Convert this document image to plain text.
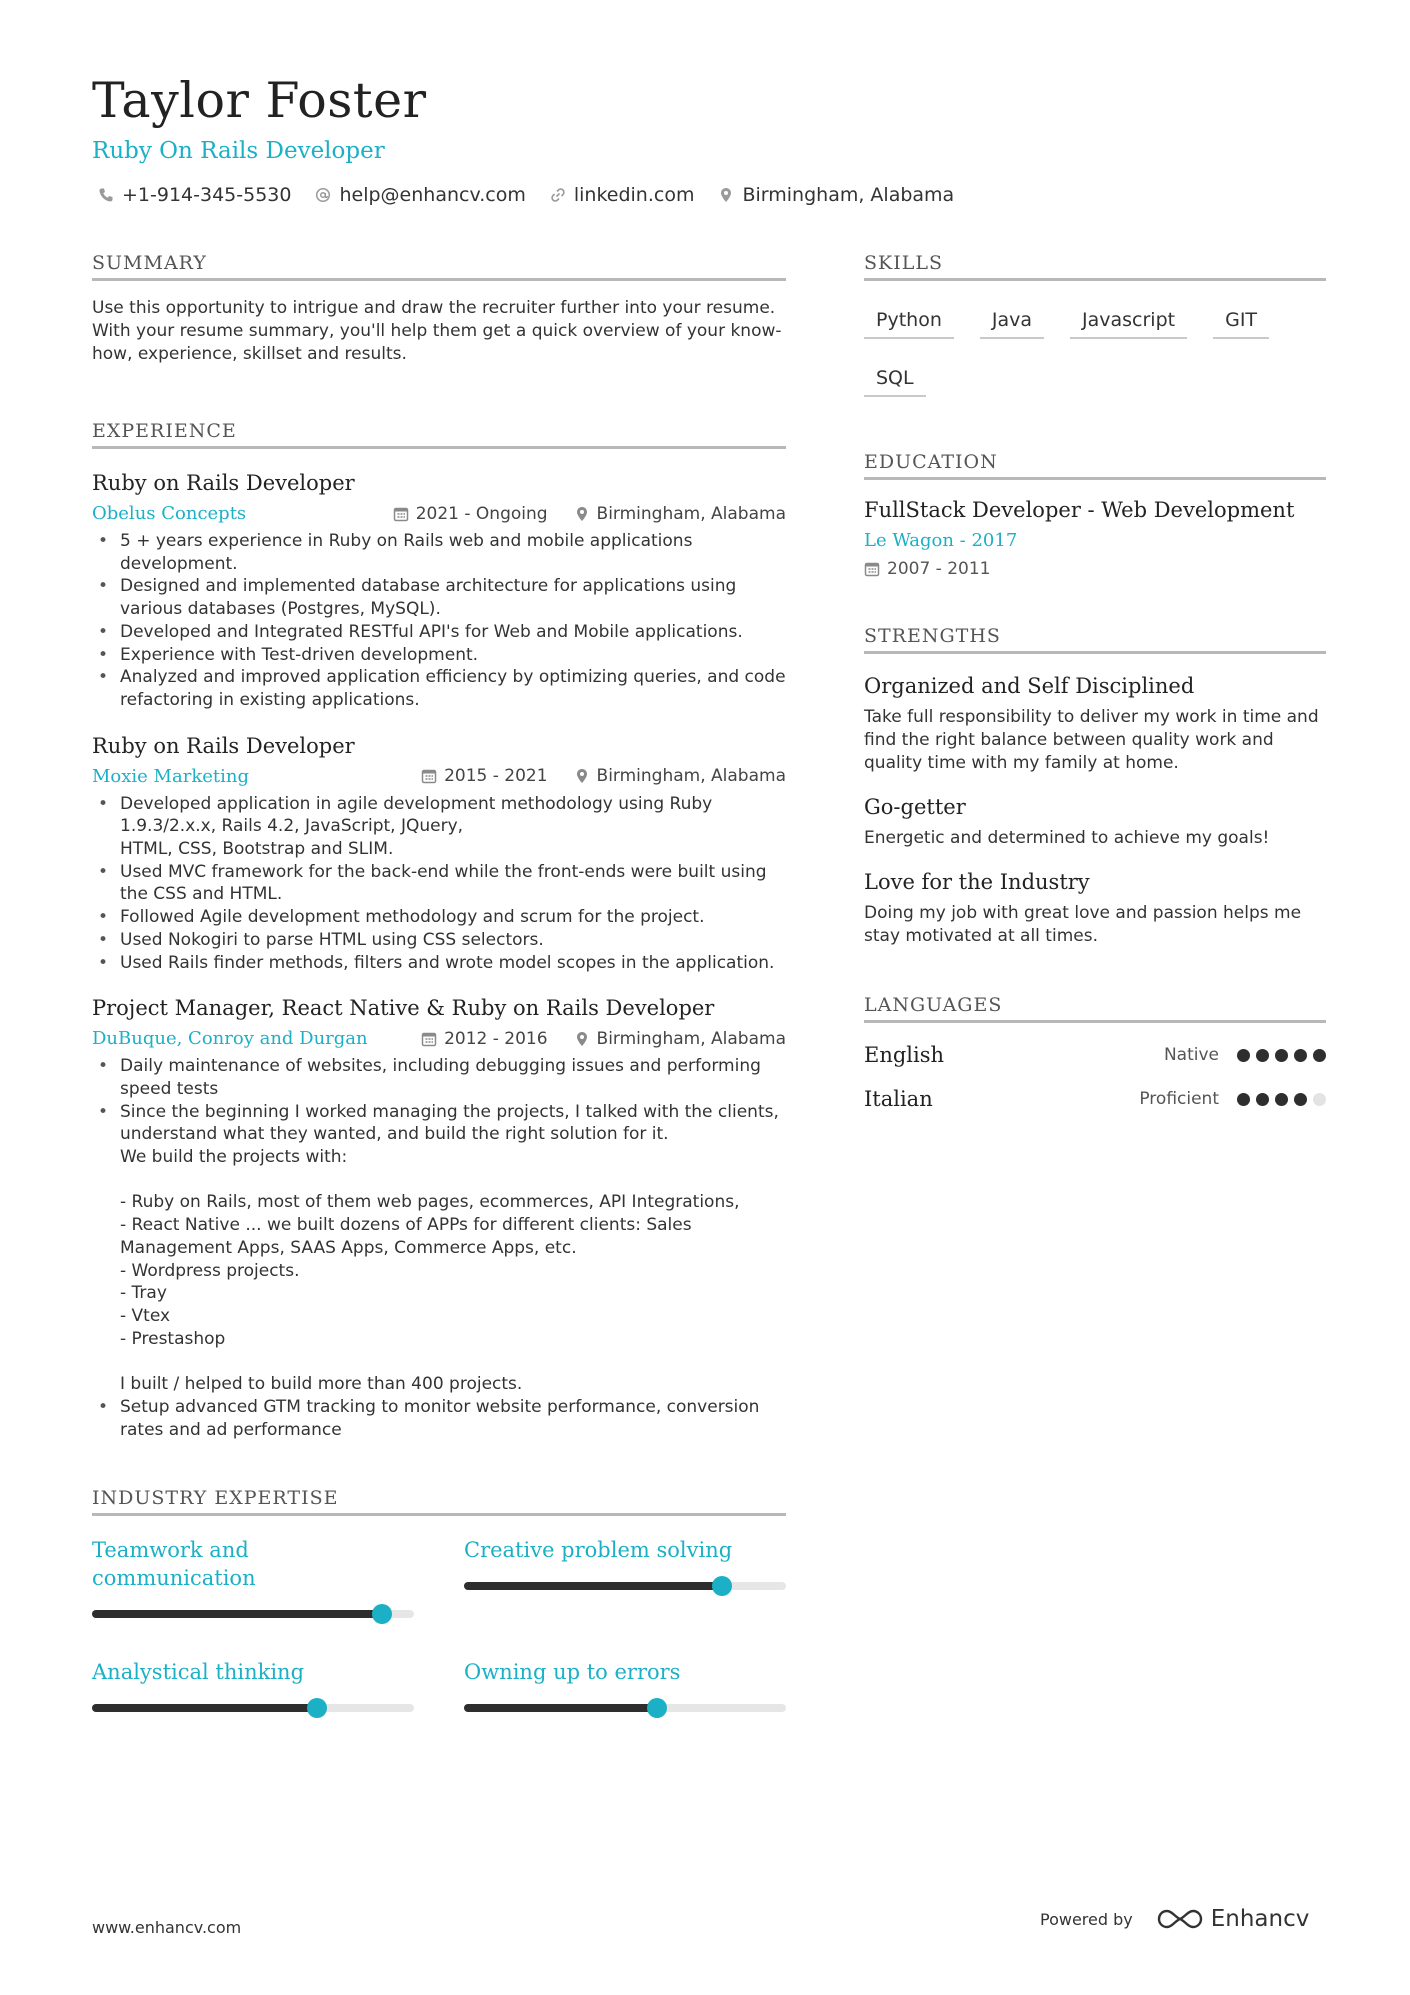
Taylor Foster
Ruby On Rails Developer
+1-914-345-5530	help@enhancv.com	linkedin.com	Birmingham, Alabama
SUMMARY

Use this opportunity to intrigue and draw the recruiter further into your resume. With your resume summary, you'll help them get a quick overview of your know-how, experience, skillset and results.

EXPERIENCE
Ruby on Rails Developer
Obelus Concepts	2021 - Ongoing	Birmingham, Alabama
• 5 + years experience in Ruby on Rails web and mobile applications development.
• Designed and implemented database architecture for applications using various databases (Postgres, MySQL).
• Developed and Integrated RESTful API's for Web and Mobile applications.
• Experience with Test-driven development.
• Analyzed and improved application efficiency by optimizing queries, and code refactoring in existing applications.
Ruby on Rails Developer
Moxie Marketing	2015 - 2021	Birmingham, Alabama
• Developed application in agile development methodology using Ruby 1.9.3/2.x.x, Rails 4.2, JavaScript, JQuery,
HTML, CSS, Bootstrap and SLIM.
• Used MVC framework for the back-end while the front-ends were built using the CSS and HTML.
• Followed Agile development methodology and scrum for the project.
• Used Nokogiri to parse HTML using CSS selectors.
• Used Rails finder methods, filters and wrote model scopes in the application.
Project Manager, React Native & Ruby on Rails Developer
DuBuque, Conroy and Durgan	2012 - 2016	Birmingham, Alabama
• Daily maintenance of websites, including debugging issues and performing speed tests
• Since the beginning I worked managing the projects, I talked with the clients, understand what they wanted, and build the right solution for it.
We build the projects with:

- Ruby on Rails, most of them web pages, ecommerces, API Integrations,
- React Native ... we built dozens of APPs for different clients: Sales Management Apps, SAAS Apps, Commerce Apps, etc.
- Wordpress projects.
- Tray
- Vtex
- Prestashop

I built / helped to build more than 400 projects.
• Setup advanced GTM tracking to monitor website performance, conversion rates and ad performance
INDUSTRY EXPERTISE
Teamwork and communication
Creative problem solving
Analystical thinking	Owning up to errors
SKILLS
Python	Java	Javascript	GIT
SQL
EDUCATION
FullStack Developer - Web Development
Le Wagon - 2017
2007 - 2011
STRENGTHS
Organized and Self Disciplined
Take full responsibility to deliver my work in time and find the right balance between quality work and quality time with my family at home.
Go-getter
Energetic and determined to achieve my goals!
Love for the Industry
Doing my job with great love and passion helps me stay motivated at all times.
LANGUAGES
English	Native
Italian	Proficient
www.enhancv.com	Powered by	Enhancv
